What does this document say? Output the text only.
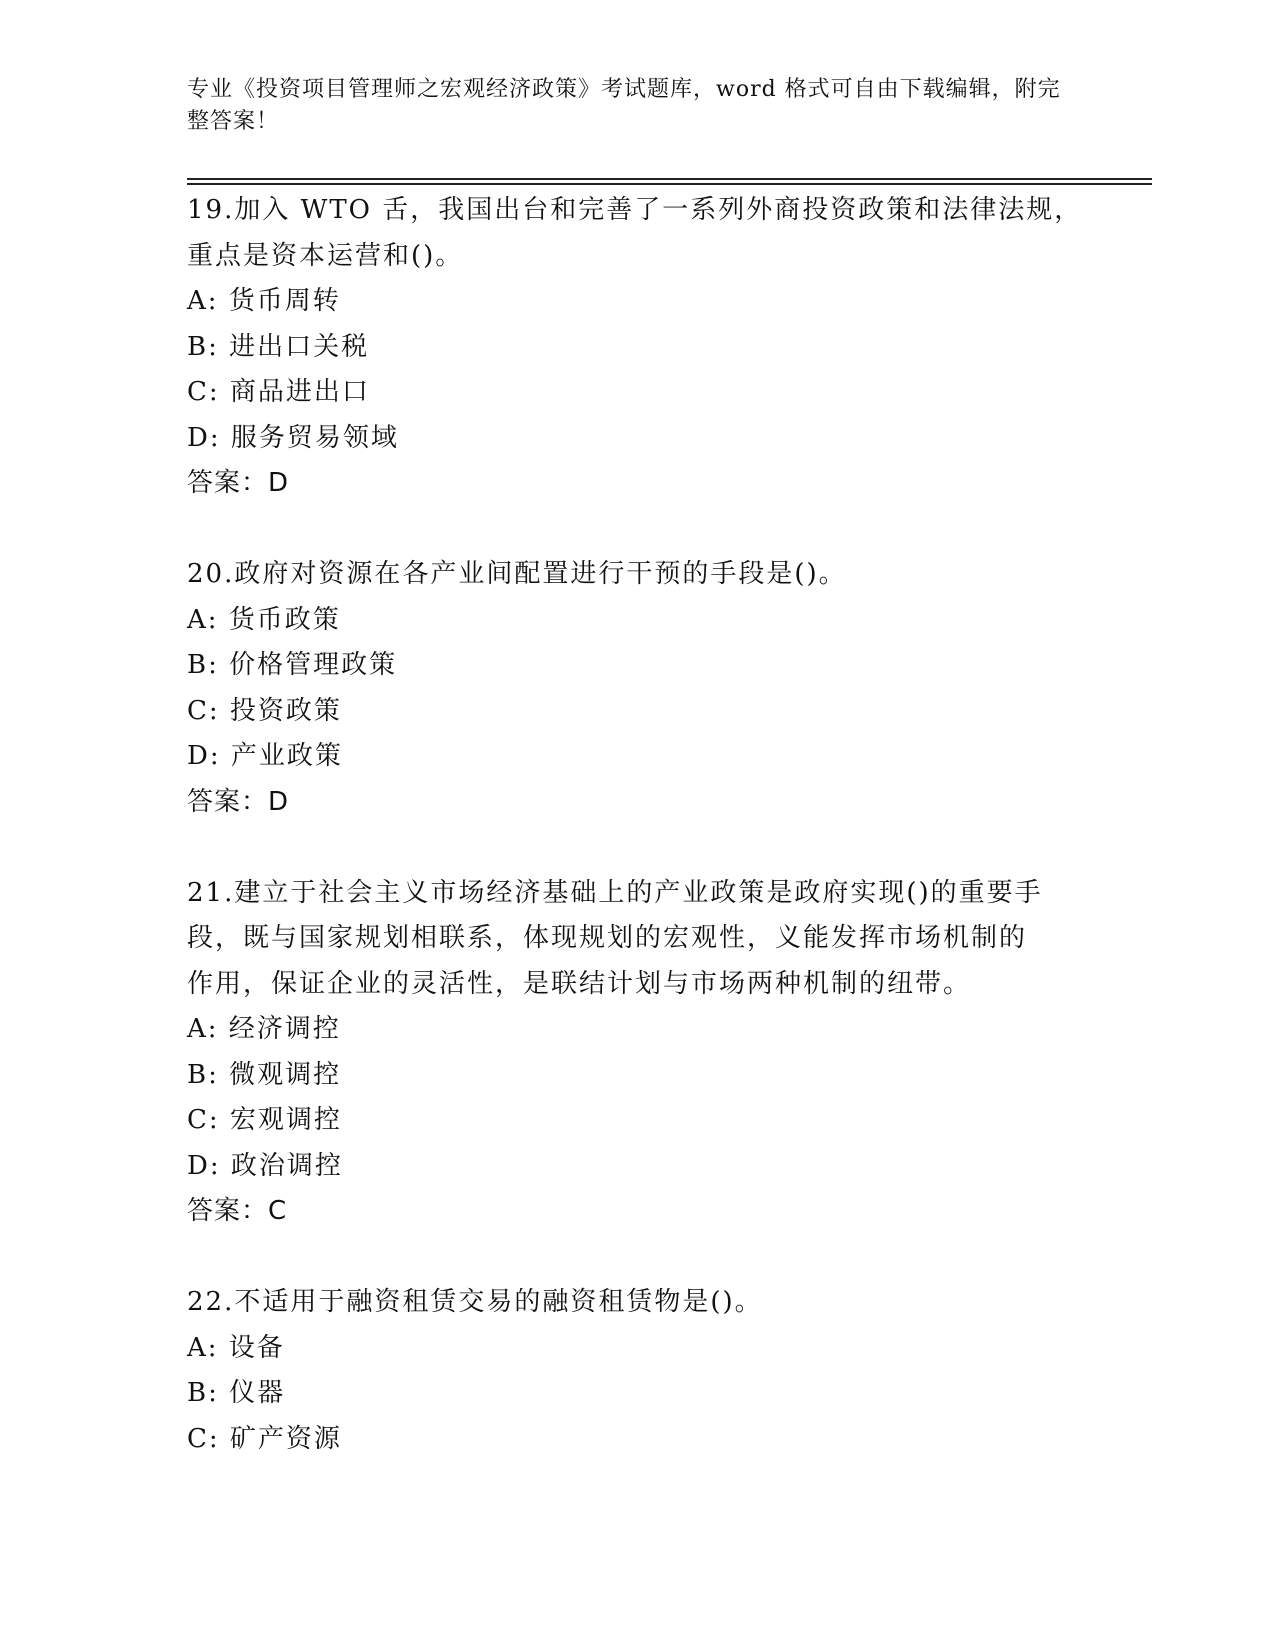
专业《投资项目管理师之宏观经济政策》考试题库，word 格式可自由下载编辑，附完整答案！
19.加入 WTO 舌，我国出台和完善了一系列外商投资政策和法律法规，
重点是资本运营和()。
A: 货币周转
B: 进出口关税
C: 商品进出口
D: 服务贸易领域
答案：D
20.政府对资源在各产业间配置进行干预的手段是()。
A: 货币政策
B: 价格管理政策
C: 投资政策
D: 产业政策
答案：D
21.建立于社会主义市场经济基础上的产业政策是政府实现()的重要手
段，既与国家规划相联系，体现规划的宏观性，义能发挥市场机制的
作用，保证企业的灵活性，是联结计划与市场两种机制的纽带。
A: 经济调控
B: 微观调控
C: 宏观调控
D: 政治调控
答案：C
22.不适用于融资租赁交易的融资租赁物是()。
A: 设备
B: 仪器
C: 矿产资源
